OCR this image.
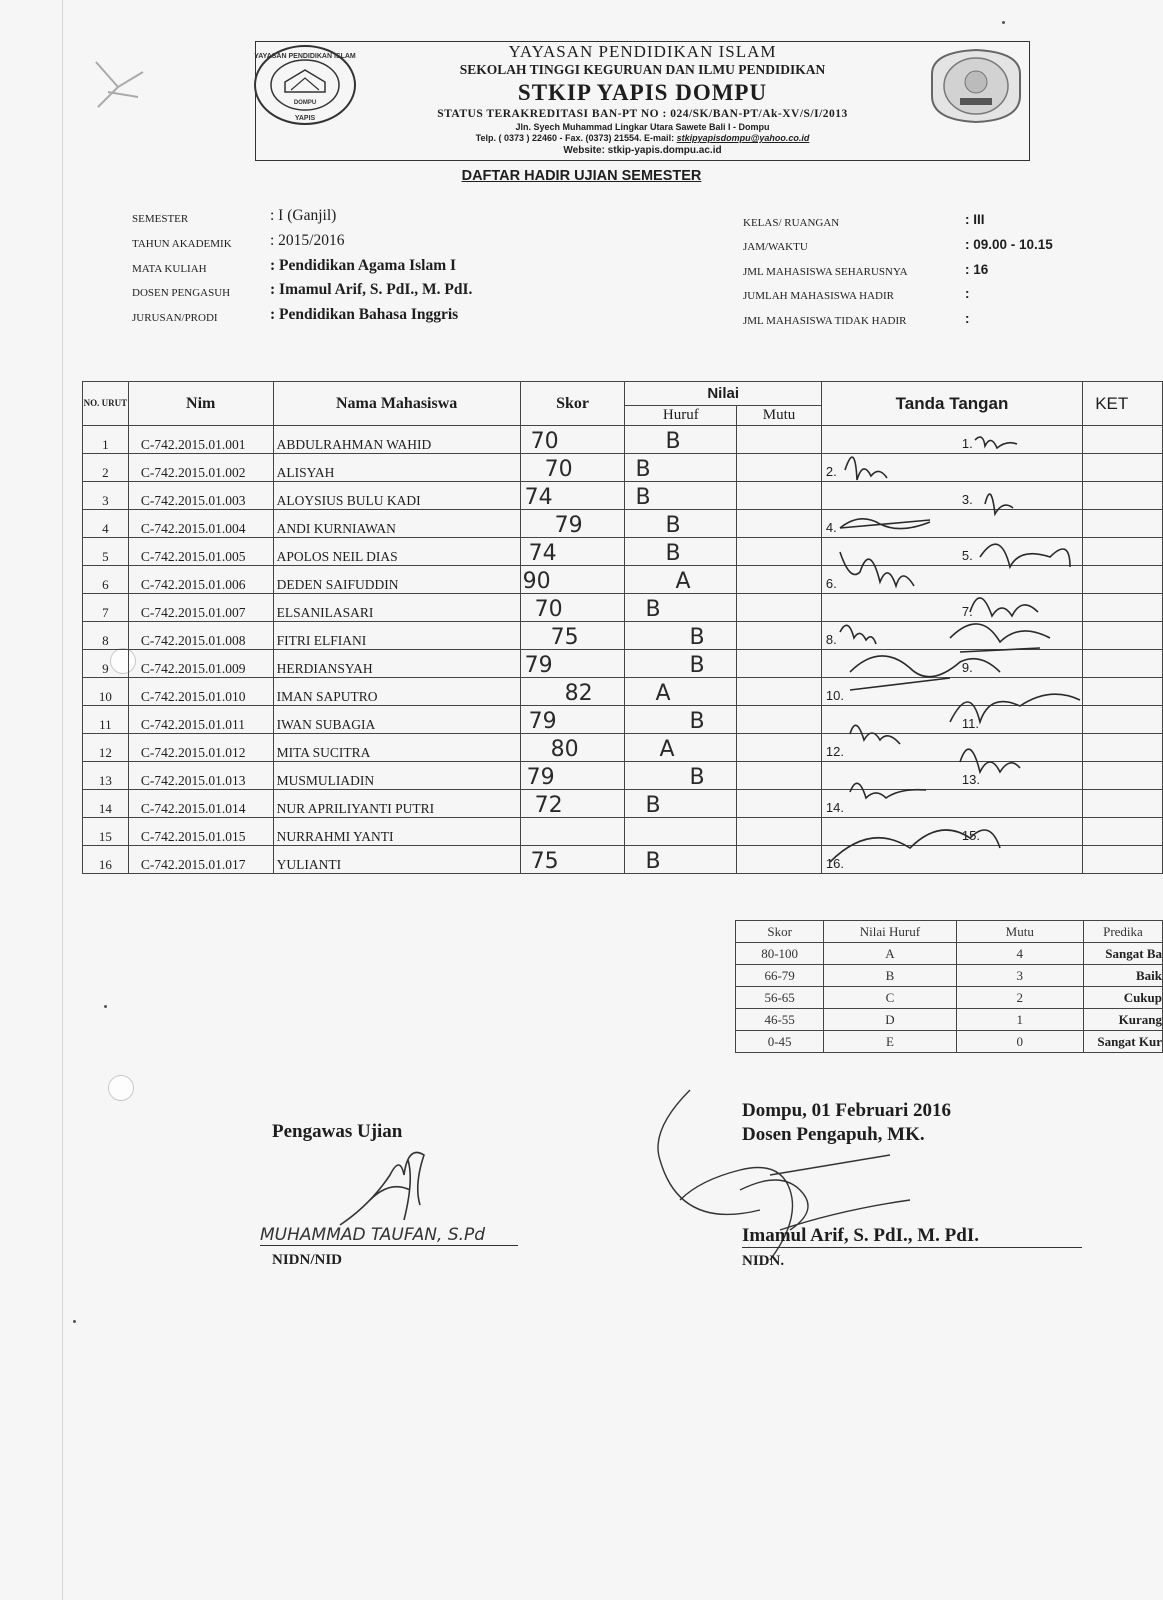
YAYASAN PENDIDIKAN ISLAM
SEKOLAH TINGGI KEGURUAN DAN ILMU PENDIDIKAN
STKIP YAPIS DOMPU
STATUS TERAKREDITASI BAN-PT NO : 024/SK/BAN-PT/Ak-XV/S/I/2013
Jln. Syech Muhammad Lingkar Utara Sawete Bali I - Dompu
Telp. ( 0373 ) 22460 - Fax. (0373) 21554. E-mail: stkipyapisdompu@yahoo.co.id
Website: stkip-yapis.dompu.ac.id
YAYASAN PENDIDIKAN ISLAM
DOMPU
YAPIS
DAFTAR HADIR UJIAN SEMESTER
SEMESTER	: I (Ganjil)
TAHUN AKADEMIK	: 2015/2016
MATA KULIAH	: Pendidikan Agama Islam I
DOSEN PENGASUH	: Imamul Arif, S. PdI., M. PdI.
JURUSAN/PRODI	: Pendidikan Bahasa Inggris
KELAS/ RUANGAN	: III
JAM/WAKTU	: 09.00 - 10.15
JML MAHASISWA SEHARUSNYA	: 16
JUMLAH MAHASISWA HADIR	:
JML MAHASISWA TIDAK HADIR	:
NO. URUT	Nim	Nama Mahasiswa	Skor	Nilai		Tanda Tangan	KET
				Huruf	Mutu		
1	C-742.2015.01.001	ABDULRAHMAN WAHID	70	B		1.	
2	C-742.2015.01.002	ALISYAH	70	B		2.	
3	C-742.2015.01.003	ALOYSIUS BULU KADI	74	B		3.	
4	C-742.2015.01.004	ANDI KURNIAWAN	79	B		4.	
5	C-742.2015.01.005	APOLOS NEIL DIAS	74	B		5.	
6	C-742.2015.01.006	DEDEN SAIFUDDIN	90	A		6.	
7	C-742.2015.01.007	ELSANILASARI	70	B		7.	
8	C-742.2015.01.008	FITRI ELFIANI	75	B		8.	
9	C-742.2015.01.009	HERDIANSYAH	79	B		9.	
10	C-742.2015.01.010	IMAN SAPUTRO	82	A		10.	
11	C-742.2015.01.011	IWAN SUBAGIA	79	B		11.	
12	C-742.2015.01.012	MITA SUCITRA	80	A		12.	
13	C-742.2015.01.013	MUSMULIADIN	79	B		13.	
14	C-742.2015.01.014	NUR APRILIYANTI PUTRI	72	B		14.	
15	C-742.2015.01.015	NURRAHMI YANTI				15.	
16	C-742.2015.01.017	YULIANTI	75	B		16.	
Skor	Nilai Huruf	Mutu	Predika
80-100	A	4	Sangat Ba
66-79	B	3	Baik
56-65	C	2	Cukup
46-55	D	1	Kurang
0-45	E	0	Sangat Kur
Pengawas Ujian
MUHAMMAD TAUFAN, S.Pd
NIDN/NID
Dompu, 01 Februari 2016
Dosen Pengapuh, MK.
Imamul Arif, S. PdI., M. PdI.
NIDN.
